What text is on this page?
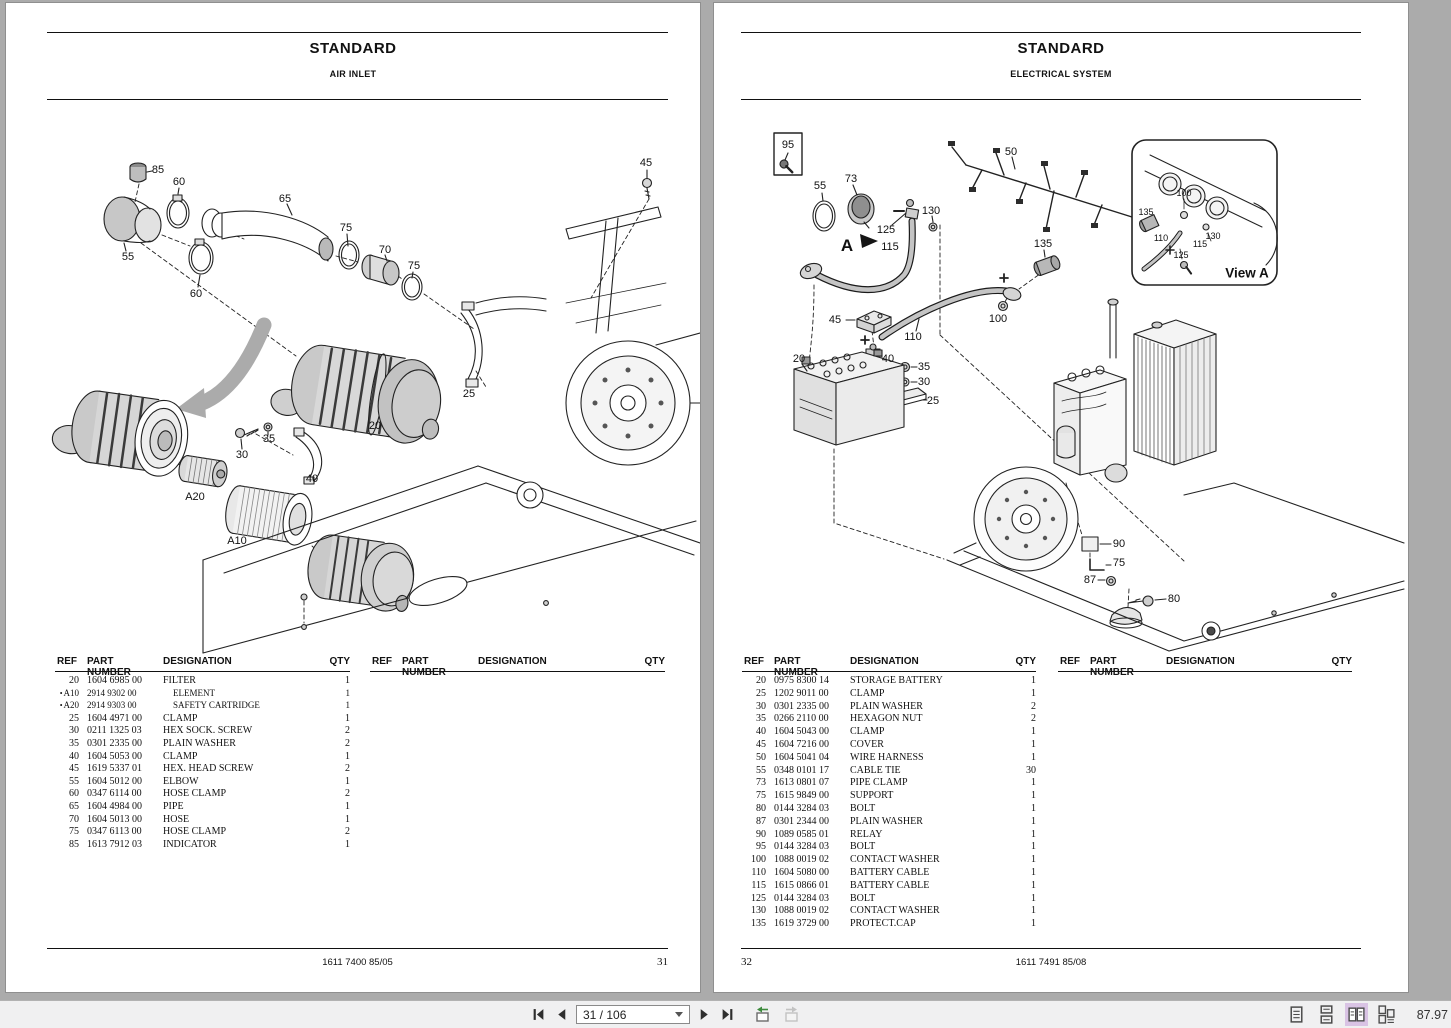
STANDARD
AIR INLET
85
60
65
75
70
75
55
60
45
25
20
35
30
40
A20
A10
REF	PART NUMBER
DESIGNATION	QTY REF	PART NUMBER
DESIGNATION	QTY
20 1604 6985 00	FILTER	1
•A10 2914 9302 00	ELEMENT	1
•A20 2914 9303 00	SAFETY CARTRIDGE	1
25 1604 4971 00	CLAMP	1
30 0211 1325 03	HEX SOCK. SCREW	2
35 0301 2335 00	PLAIN WASHER	2
40 1604 5053 00	CLAMP	1
45 1619 5337 01	HEX. HEAD SCREW	2
55 1604 5012 00	ELBOW	1
60 0347 6114 00	HOSE CLAMP	2
65 1604 4984 00	PIPE	1
70 1604 5013 00	HOSE	1
75 0347 6113 00	HOSE CLAMP	2
85 1613 7912 03	INDICATOR	1
1611 7400 85/05	31
STANDARD
ELECTRICAL SYSTEM
95
55
73
50
130
125
A	115	135
45
110
100
20	40
35
30
25
90
75
87
80
135
100
110
115
130
125
View A
REF	PART NUMBER
DESIGNATION	QTY REF	PART NUMBER
DESIGNATION	QTY
20 0975 8300 14	STORAGE BATTERY	1
25 1202 9011 00	CLAMP	1
30 0301 2335 00	PLAIN WASHER	2
35 0266 2110 00	HEXAGON NUT	2
40 1604 5043 00	CLAMP	1
45 1604 7216 00	COVER	1
50 1604 5041 04	WIRE HARNESS	1
55 0348 0101 17	CABLE TIE	30
73 1613 0801 07	PIPE CLAMP	1
75 1615 9849 00	SUPPORT	1
80 0144 3284 03	BOLT	1
87 0301 2344 00	PLAIN WASHER	1
90 1089 0585 01	RELAY	1
95 0144 3284 03	BOLT	1
100 1088 0019 02	CONTACT WASHER	1
110 1604 5080 00	BATTERY CABLE	1
115 1615 0866 01	BATTERY CABLE	1
125 0144 3284 03	BOLT	1
130 1088 0019 02	CONTACT WASHER	1
135 1619 3729 00	PROTECT.CAP	1
32	1611 7491 85/08
31 / 106	87.97
